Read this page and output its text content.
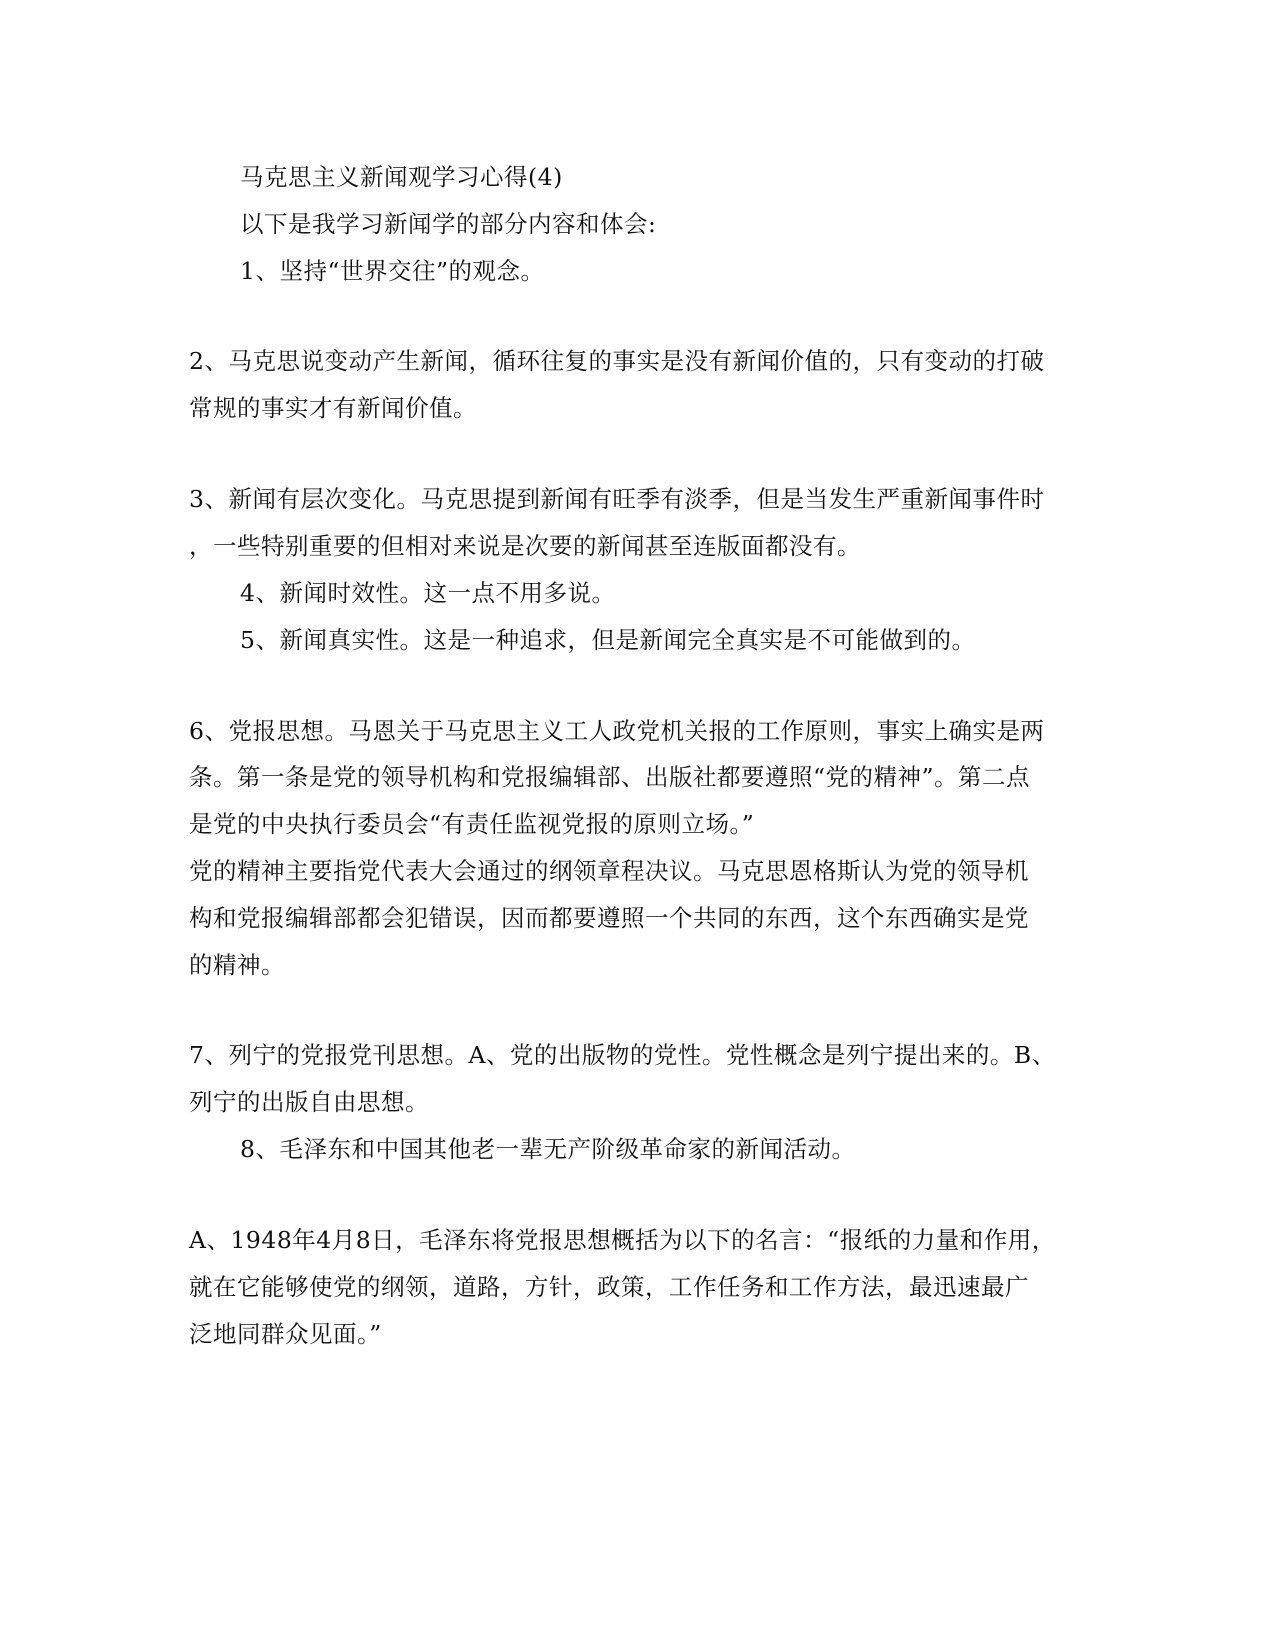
马克思主义新闻观学习心得(4)
以下是我学习新闻学的部分内容和体会:
1、坚持“世界交往”的观念。
2、马克思说变动产生新闻，循环往复的事实是没有新闻价值的，只有变动的打破
常规的事实才有新闻价值。
3、新闻有层次变化。马克思提到新闻有旺季有淡季，但是当发生严重新闻事件时
，一些特别重要的但相对来说是次要的新闻甚至连版面都没有。
4、新闻时效性。这一点不用多说。
5、新闻真实性。这是一种追求，但是新闻完全真实是不可能做到的。
6、党报思想。马恩关于马克思主义工人政党机关报的工作原则，事实上确实是两
条。第一条是党的领导机构和党报编辑部、出版社都要遵照“党的精神”。第二点
是党的中央执行委员会“有责任监视党报的原则立场。”
党的精神主要指党代表大会通过的纲领章程决议。马克思恩格斯认为党的领导机
构和党报编辑部都会犯错误，因而都要遵照一个共同的东西，这个东西确实是党
的精神。
7、列宁的党报党刊思想。A、党的出版物的党性。党性概念是列宁提出来的。B、
列宁的出版自由思想。
8、毛泽东和中国其他老一辈无产阶级革命家的新闻活动。
A、1948年4月8日，毛泽东将党报思想概括为以下的名言：“报纸的力量和作用，
就在它能够使党的纲领，道路，方针，政策，工作任务和工作方法，最迅速最广
泛地同群众见面。”
